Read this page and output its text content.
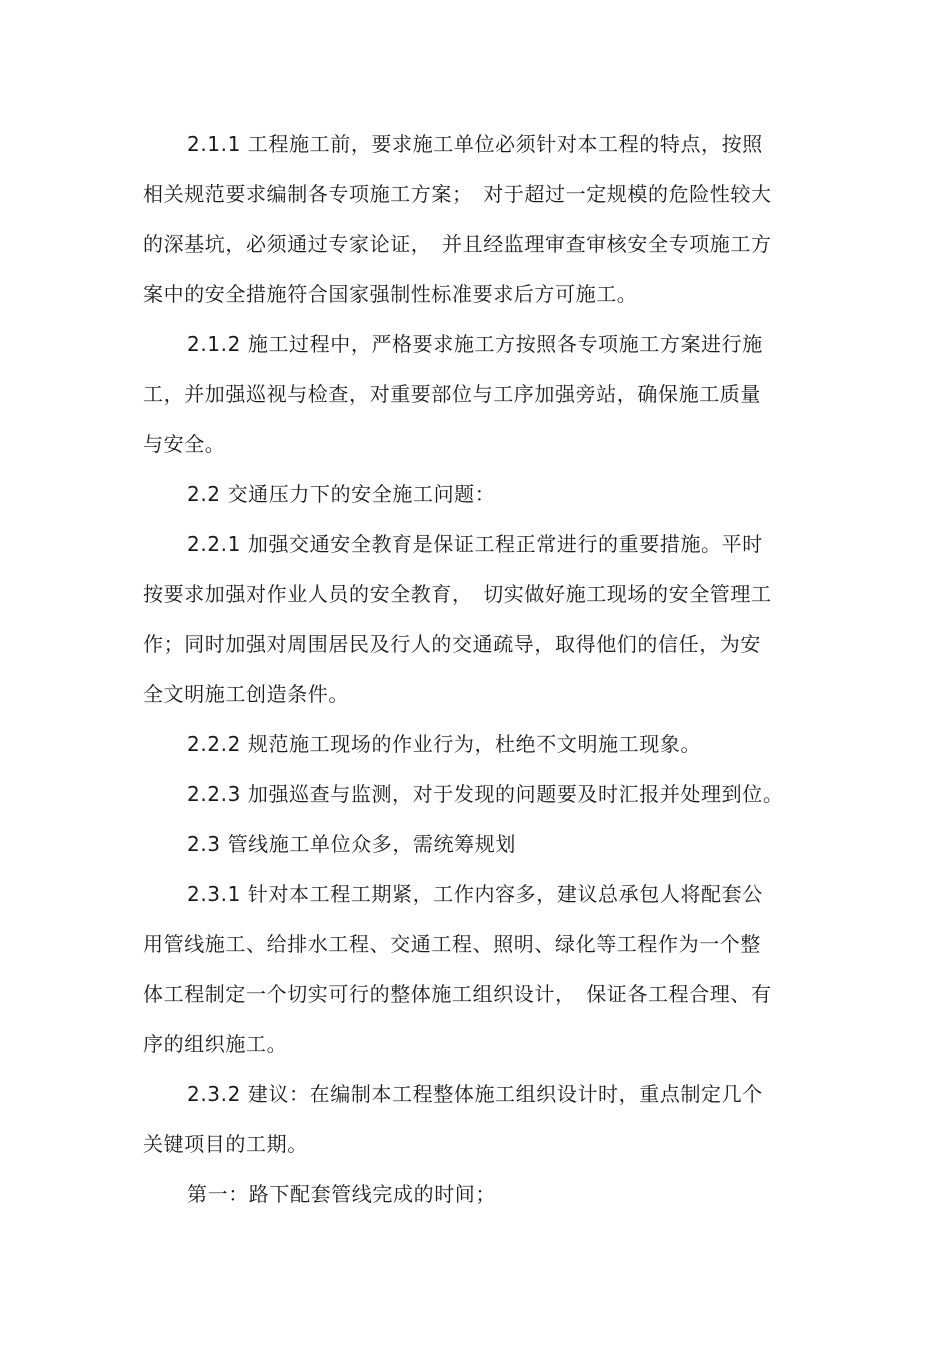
2.1.1 工程施工前，要求施工单位必须针对本工程的特点，按照
相关规范要求编制各专项施工方案；　对于超过一定规模的危险性较大
的深基坑，必须通过专家论证，　并且经监理审查审核安全专项施工方
案中的安全措施符合国家强制性标准要求后方可施工。
2.1.2 施工过程中，严格要求施工方按照各专项施工方案进行施
工，并加强巡视与检查，对重要部位与工序加强旁站，确保施工质量
与安全。
2.2 交通压力下的安全施工问题：
2.2.1 加强交通安全教育是保证工程正常进行的重要措施。平时
按要求加强对作业人员的安全教育，　切实做好施工现场的安全管理工
作；同时加强对周围居民及行人的交通疏导，取得他们的信任，为安
全文明施工创造条件。
2.2.2 规范施工现场的作业行为，杜绝不文明施工现象。
2.2.3 加强巡查与监测，对于发现的问题要及时汇报并处理到位。
2.3 管线施工单位众多，需统筹规划
2.3.1 针对本工程工期紧，工作内容多，建议总承包人将配套公
用管线施工、给排水工程、交通工程、照明、绿化等工程作为一个整
体工程制定一个切实可行的整体施工组织设计，　保证各工程合理、有
序的组织施工。
2.3.2 建议：在编制本工程整体施工组织设计时，重点制定几个
关键项目的工期。
第一：路下配套管线完成的时间；
